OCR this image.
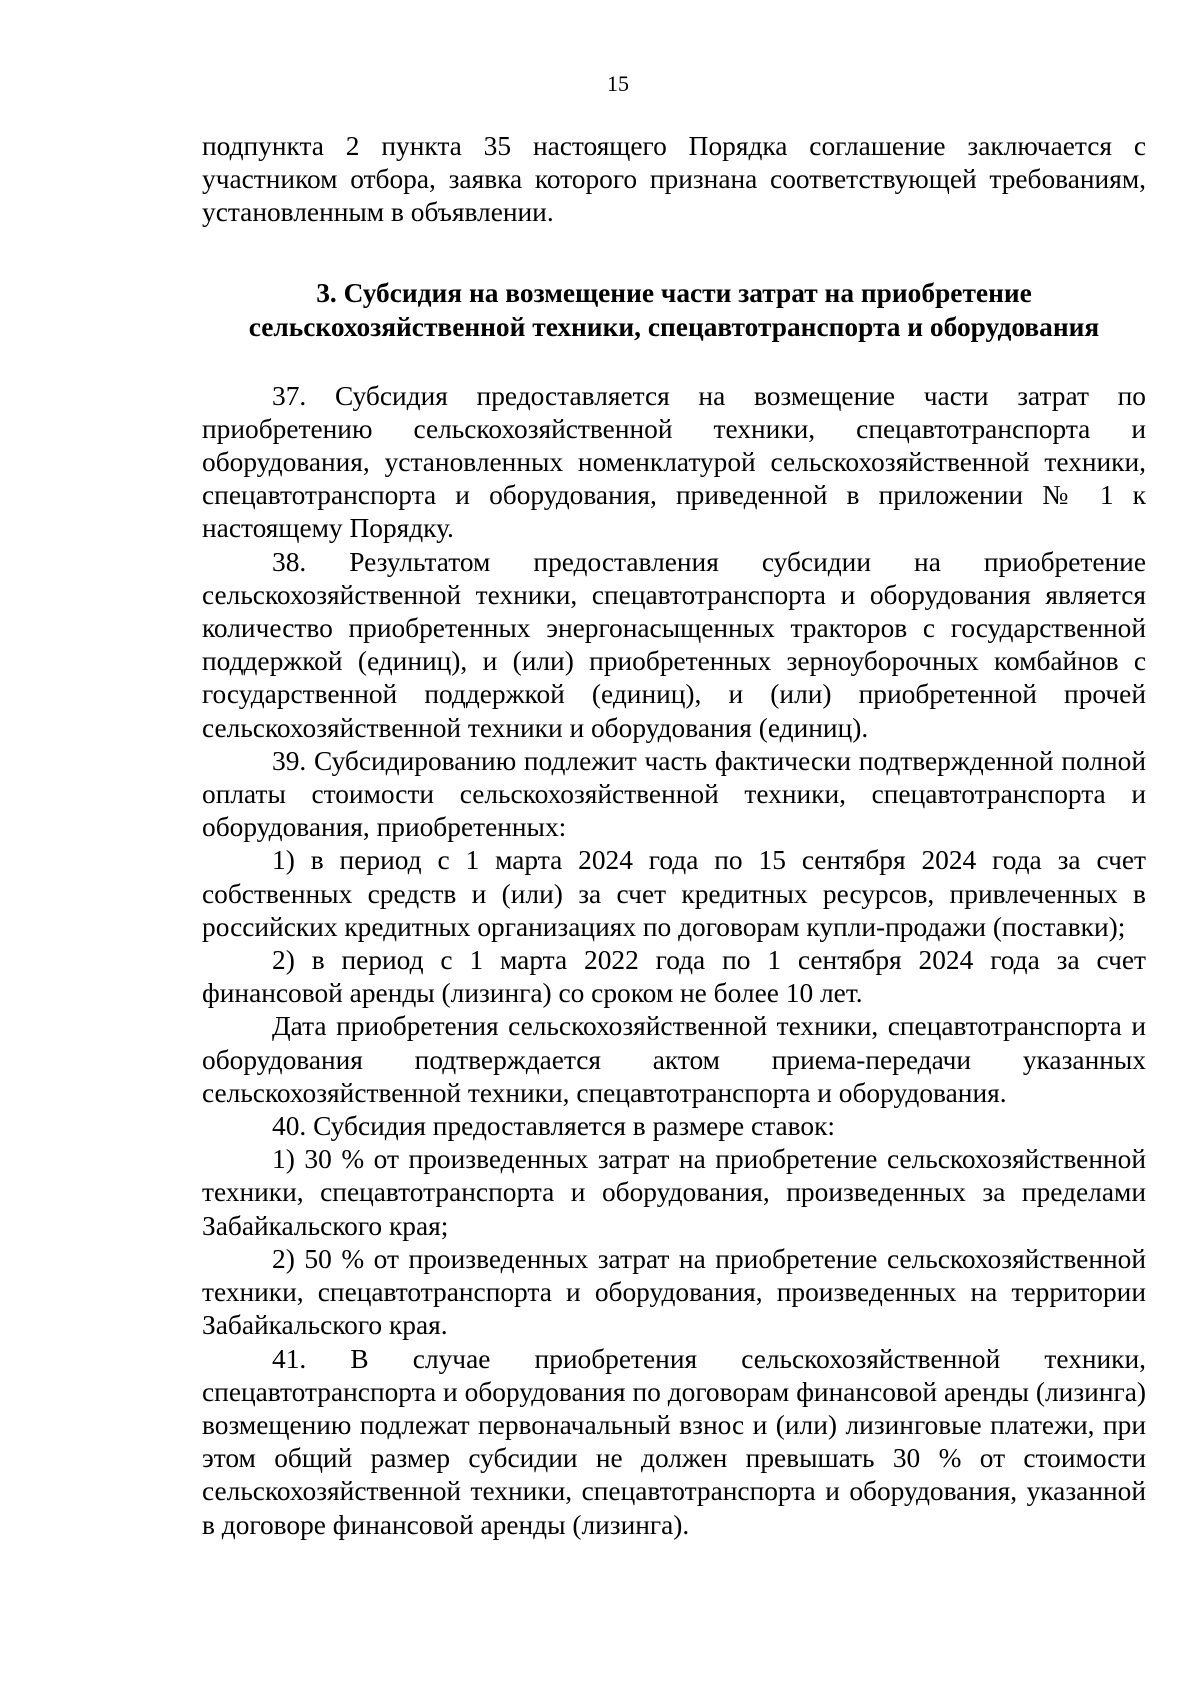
15

подпункта 2 пункта 35 настоящего Порядка соглашение заключается с участником отбора, заявка которого признана соответствующей требованиям, установленным в объявлении.

3. Субсидия на возмещение части затрат на приобретение
сельскохозяйственной техники, спецавтотранспорта и оборудования

37. Субсидия предоставляется на возмещение части затрат по приобретению сельскохозяйственной техники, спецавтотранспорта и оборудования, установленных номенклатурой сельскохозяйственной техники, спецавтотранспорта и оборудования, приведенной в приложении № 1 к настоящему Порядку.

38. Результатом предоставления субсидии на приобретение сельскохозяйственной техники, спецавтотранспорта и оборудования является количество приобретенных энергонасыщенных тракторов с государственной поддержкой (единиц), и (или) приобретенных зерноуборочных комбайнов с государственной поддержкой (единиц), и (или) приобретенной прочей сельскохозяйственной техники и оборудования (единиц).

39. Субсидированию подлежит часть фактически подтвержденной полной оплаты стоимости сельскохозяйственной техники, спецавтотранспорта и оборудования, приобретенных:

1) в период с 1 марта 2024 года по 15 сентября 2024 года за счет собственных средств и (или) за счет кредитных ресурсов, привлеченных в российских кредитных организациях по договорам купли-продажи (поставки);

2) в период с 1 марта 2022 года по 1 сентября 2024 года за счет финансовой аренды (лизинга) со сроком не более 10 лет.

Дата приобретения сельскохозяйственной техники, спецавтотранспорта и оборудования подтверждается актом приема-передачи указанных сельскохозяйственной техники, спецавтотранспорта и оборудования.

40. Субсидия предоставляется в размере ставок:

1) 30 % от произведенных затрат на приобретение сельскохозяйственной техники, спецавтотранспорта и оборудования, произведенных за пределами Забайкальского края;

2) 50 % от произведенных затрат на приобретение сельскохозяйственной техники, спецавтотранспорта и оборудования, произведенных на территории Забайкальского края.

41. В случае приобретения сельскохозяйственной техники, спецавтотранспорта и оборудования по договорам финансовой аренды (лизинга) возмещению подлежат первоначальный взнос и (или) лизинговые платежи, при этом общий размер субсидии не должен превышать 30 % от стоимости сельскохозяйственной техники, спецавтотранспорта и оборудования, указанной в договоре финансовой аренды (лизинга).
